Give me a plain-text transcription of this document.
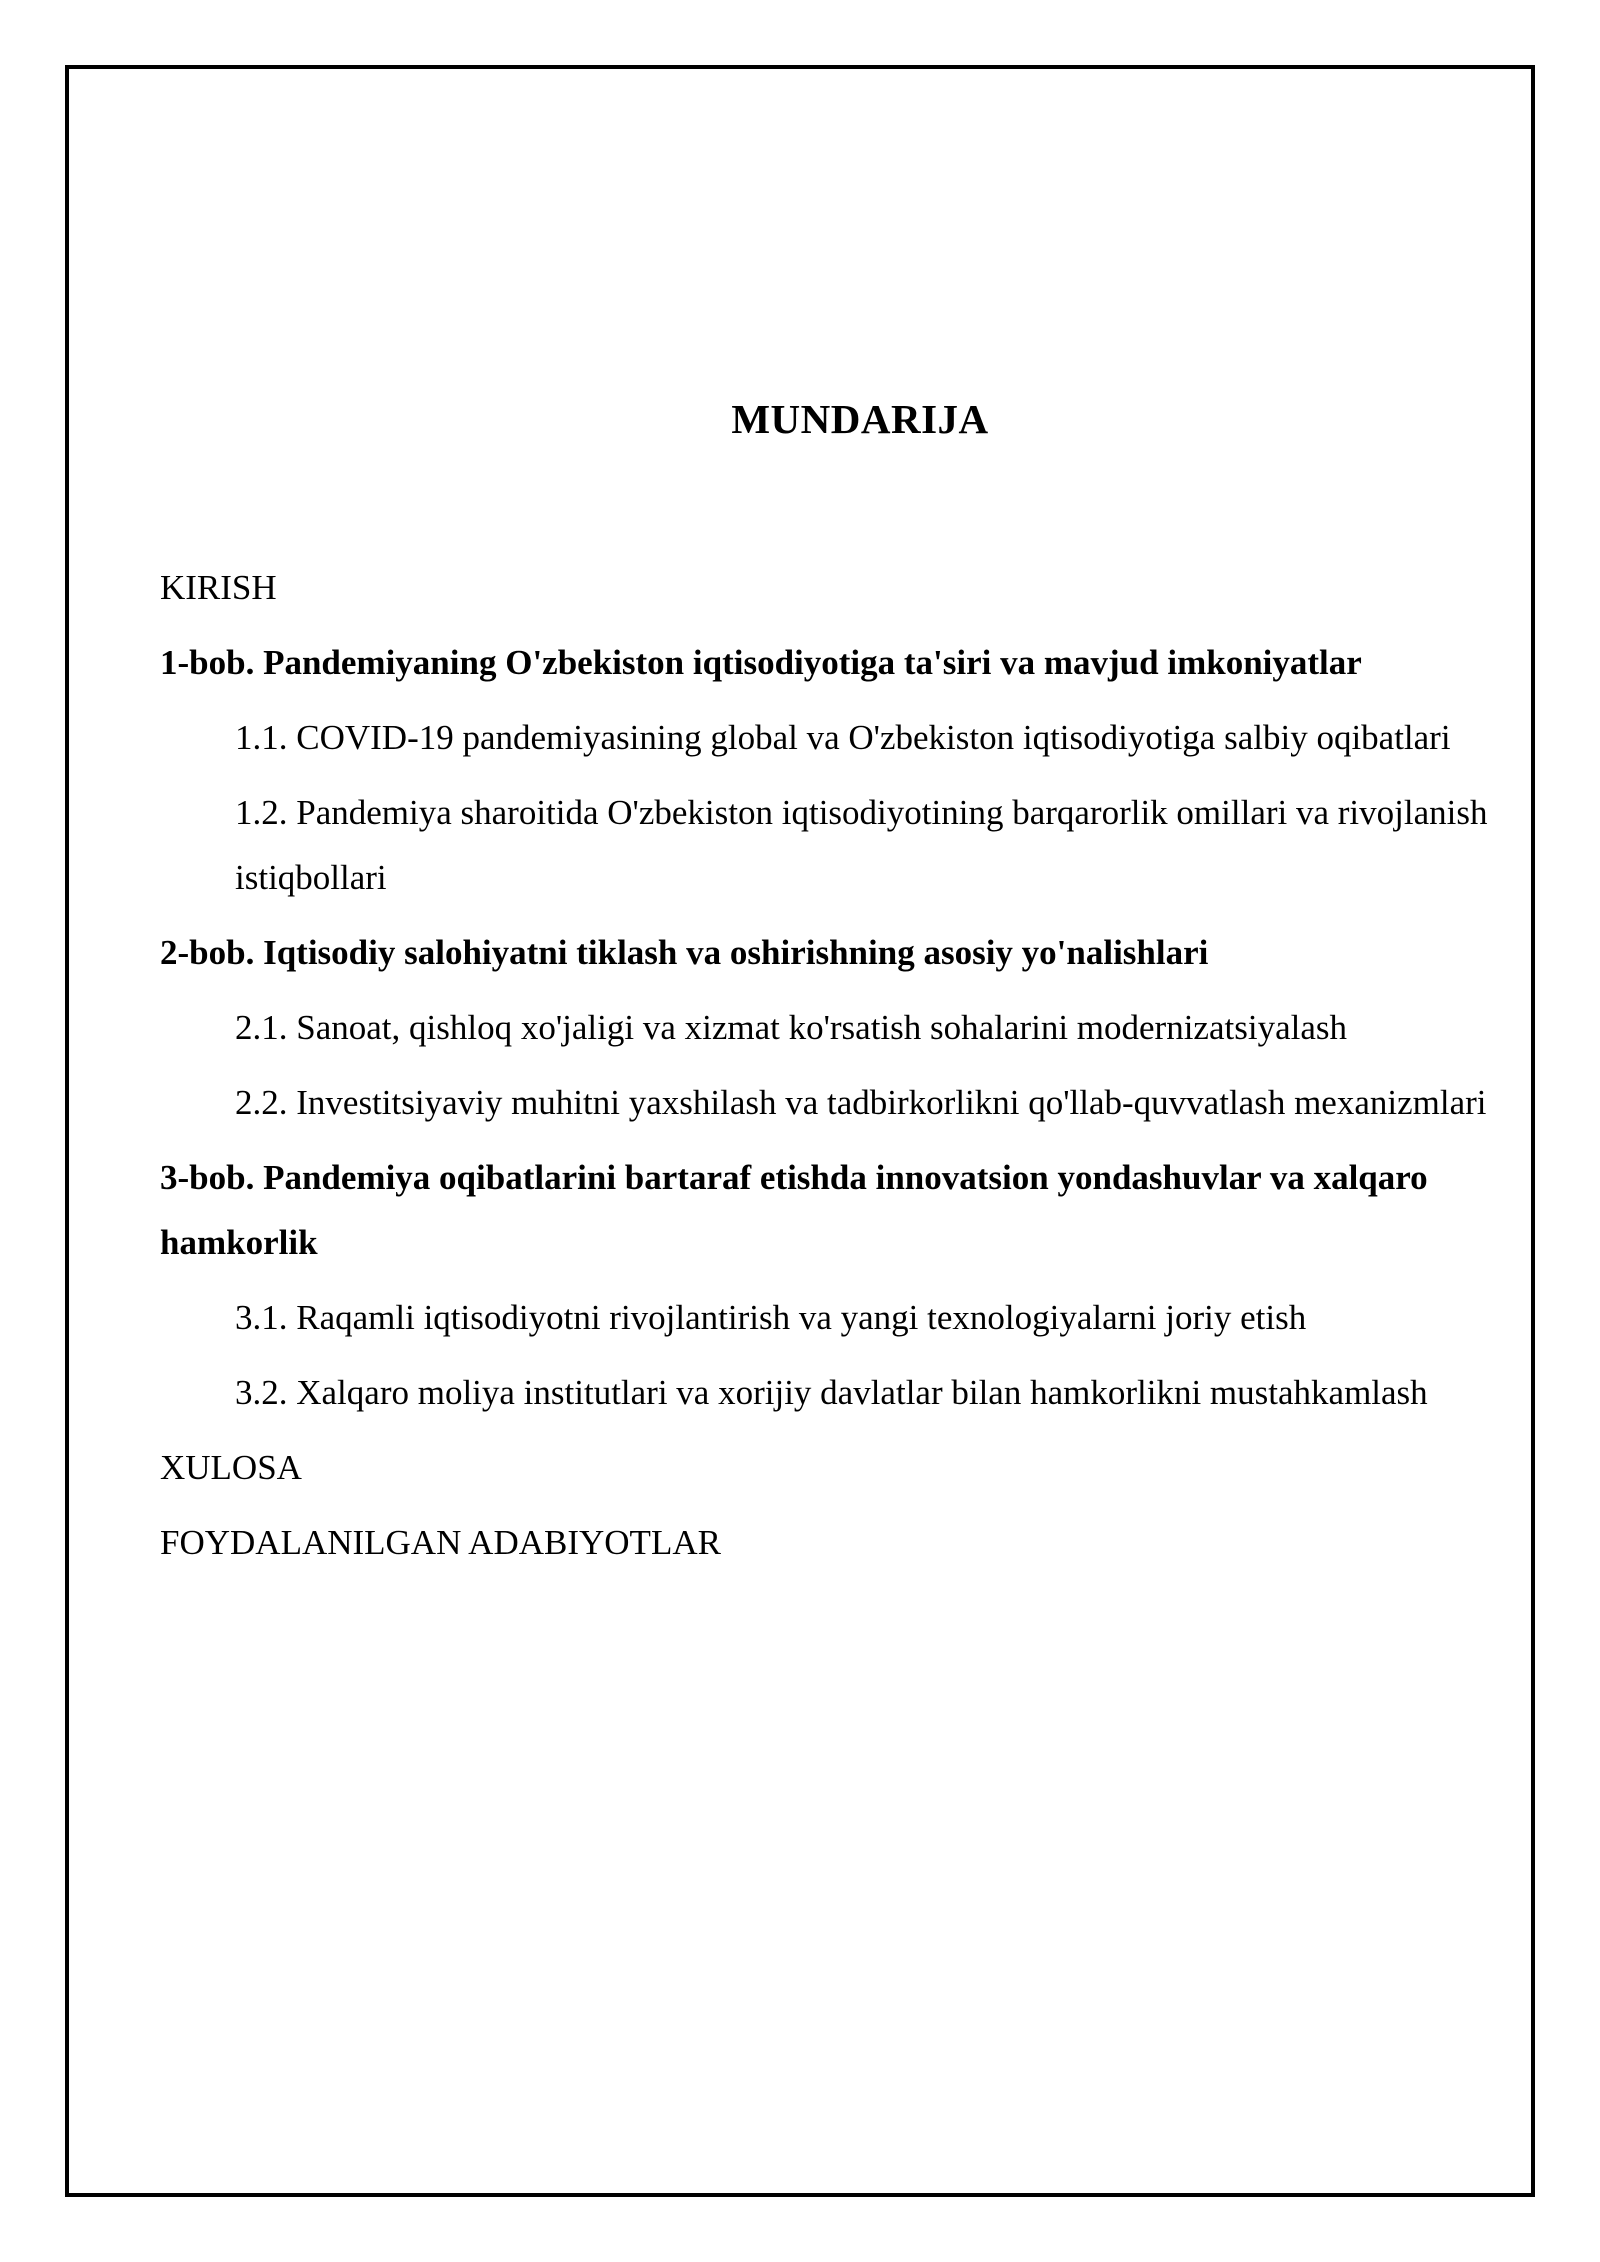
MUNDARIJA
KIRISH
1-bob. Pandemiyaning O'zbekiston iqtisodiyotiga ta'siri va mavjud imkoniyatlar
1.1. COVID-19 pandemiyasining global va O'zbekiston iqtisodiyotiga salbiy oqibatlari
1.2. Pandemiya sharoitida O'zbekiston iqtisodiyotining barqarorlik omillari va rivojlanish istiqbollari
2-bob. Iqtisodiy salohiyatni tiklash va oshirishning asosiy yo'nalishlari
2.1. Sanoat, qishloq xo'jaligi va xizmat ko'rsatish sohalarini modernizatsiyalash
2.2. Investitsiyaviy muhitni yaxshilash va tadbirkorlikni qo'llab-quvvatlash mexanizmlari
3-bob. Pandemiya oqibatlarini bartaraf etishda innovatsion yondashuvlar va xalqaro hamkorlik
3.1. Raqamli iqtisodiyotni rivojlantirish va yangi texnologiyalarni joriy etish
3.2. Xalqaro moliya institutlari va xorijiy davlatlar bilan hamkorlikni mustahkamlash
XULOSA
FOYDALANILGAN ADABIYOTLAR
